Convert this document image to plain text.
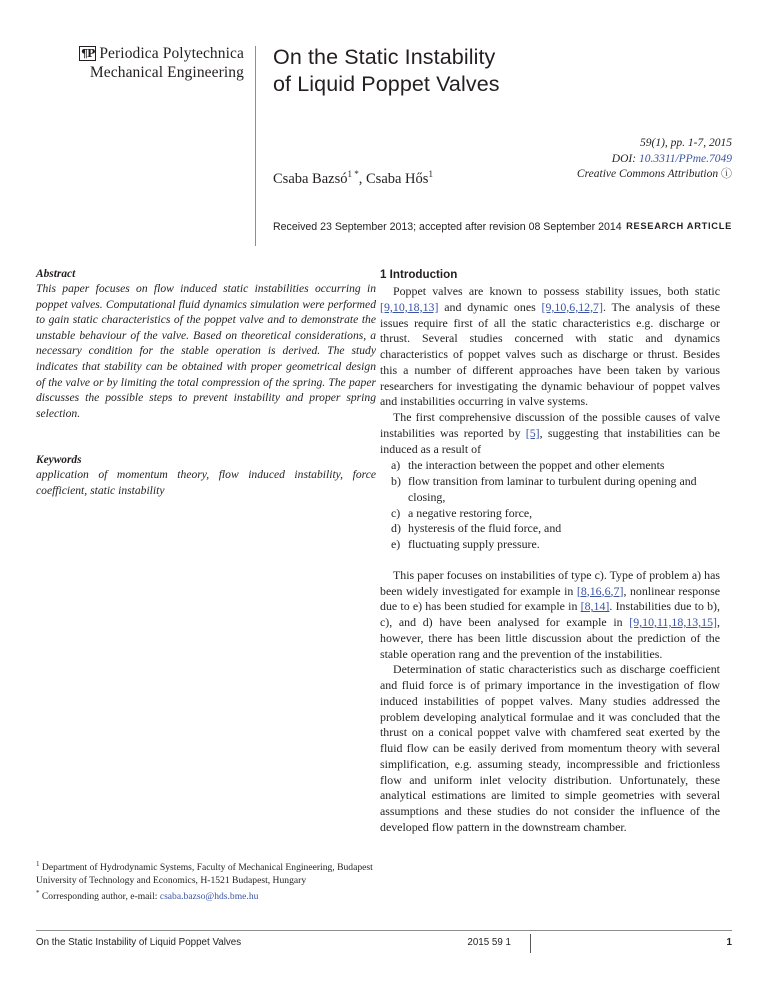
¶P Periodica Polytechnica
Mechanical Engineering
59(1), pp. 1-7, 2015
DOI: 10.3311/PPme.7049
Creative Commons Attribution ⓘ
RESEARCH ARTICLE
On the Static Instability
of Liquid Poppet Valves
Csaba Bazsó$^{1 *}$, Csaba Hős$^1$
Received 23 September 2013; accepted after revision 08 September 2014
Abstract

This paper focuses on flow induced static instabilities occurring in poppet valves. Computational fluid dynamics simulation were performed to gain static characteristics of the poppet valve and to demonstrate the unstable behaviour of the valve. Based on theoretical considerations, a necessary condition for the stable operation is derived. The study indicates that stability can be obtained with proper geometrical design of the valve or by limiting the total compression of the spring. The paper discusses the possible steps to prevent instability and proper spring selection.

Keywords

application of momentum theory, flow induced instability, force coefficient, static instability

1 Introduction

Poppet valves are known to possess stability issues, both static [9,10,18,13] and dynamic ones [9,10,6,12,7]. The analysis of these issues require first of all the static characteristics e.g. discharge or thrust. Several studies concerned with static and dynamics characteristics of poppet valves such as discharge or thrust. Besides this a number of different approaches have been taken by various researchers for investigating the dynamic behaviour of poppet valves and instabilities occurring in valve systems.

The first comprehensive discussion of the possible causes of valve instabilities was reported by [5], suggesting that instabilities can be induced as a result of

a) the interaction between the poppet and other elements
b) flow transition from laminar to turbulent during opening and closing,
c) a negative restoring force,
d) hysteresis of the fluid force, and
e) fluctuating supply pressure.

This paper focuses on instabilities of type c). Type of problem a) has been widely investigated for example in [8,16,6,7], nonlinear response due to e) has been studied for example in [8,14]. Instabilities due to b), c), and d) have been analysed for example in [9,10,11,18,13,15], however, there has been little discussion about the prediction of the stable operation rang and the prevention of the instabilities.

Determination of static characteristics such as discharge coefficient and fluid force is of primary importance in the investigation of flow induced instabilities of poppet valves. Many studies addressed the problem developing analytical formulae and it was concluded that the thrust on a conical poppet valve with chamfered seat exerted by the fluid flow can be easily derived from momentum theory with several simplification, e.g. assuming steady, incompressible and frictionless flow and uniform inlet velocity distribution. Unfortunately, these analytical estimations are limited to simple geometries with several assumptions and these studies do not consider the influence of the developed flow pattern in the downstream chamber.

$^1$ Department of Hydrodynamic Systems, Faculty of Mechanical Engineering, Budapest University of Technology and Economics, H-1521 Budapest, Hungary
* Corresponding author, e-mail: csaba.bazso@hds.bme.hu
On the Static Instability of Liquid Poppet Valves	2015 59 1	1
